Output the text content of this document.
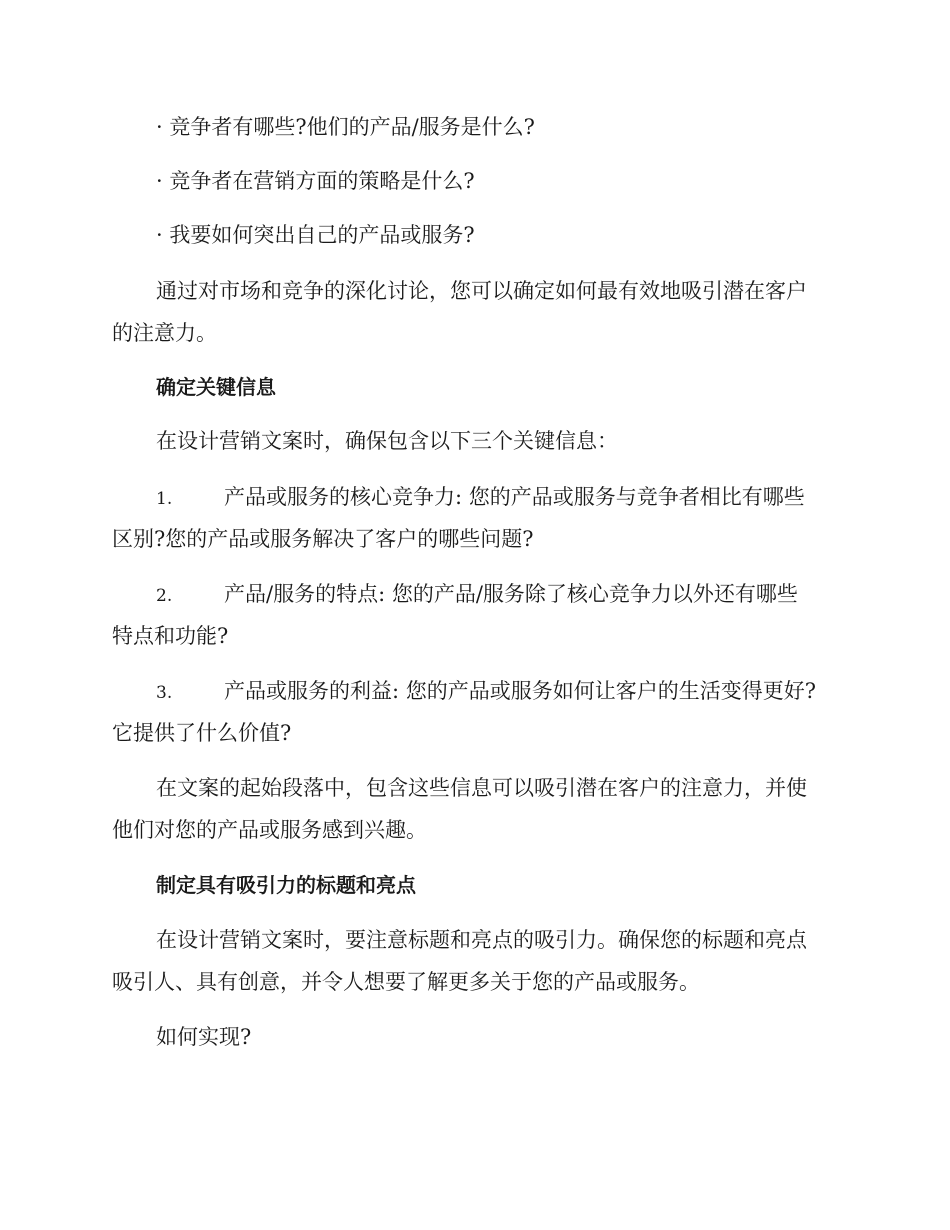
· 竞争者有哪些?他们的产品/服务是什么?
· 竞争者在营销方面的策略是什么?
· 我要如何突出自己的产品或服务?
通过对市场和竞争的深化讨论，您可以确定如何最有效地吸引潜在客户
的注意力。
确定关键信息
在设计营销文案时，确保包含以下三个关键信息：
1. 产品或服务的核心竞争力: 您的产品或服务与竞争者相比有哪些
区别?您的产品或服务解决了客户的哪些问题?
2. 产品/服务的特点: 您的产品/服务除了核心竞争力以外还有哪些
特点和功能?
3. 产品或服务的利益: 您的产品或服务如何让客户的生活变得更好?
它提供了什么价值?
在文案的起始段落中，包含这些信息可以吸引潜在客户的注意力，并使
他们对您的产品或服务感到兴趣。
制定具有吸引力的标题和亮点
在设计营销文案时，要注意标题和亮点的吸引力。确保您的标题和亮点
吸引人、具有创意，并令人想要了解更多关于您的产品或服务。
如何实现?
